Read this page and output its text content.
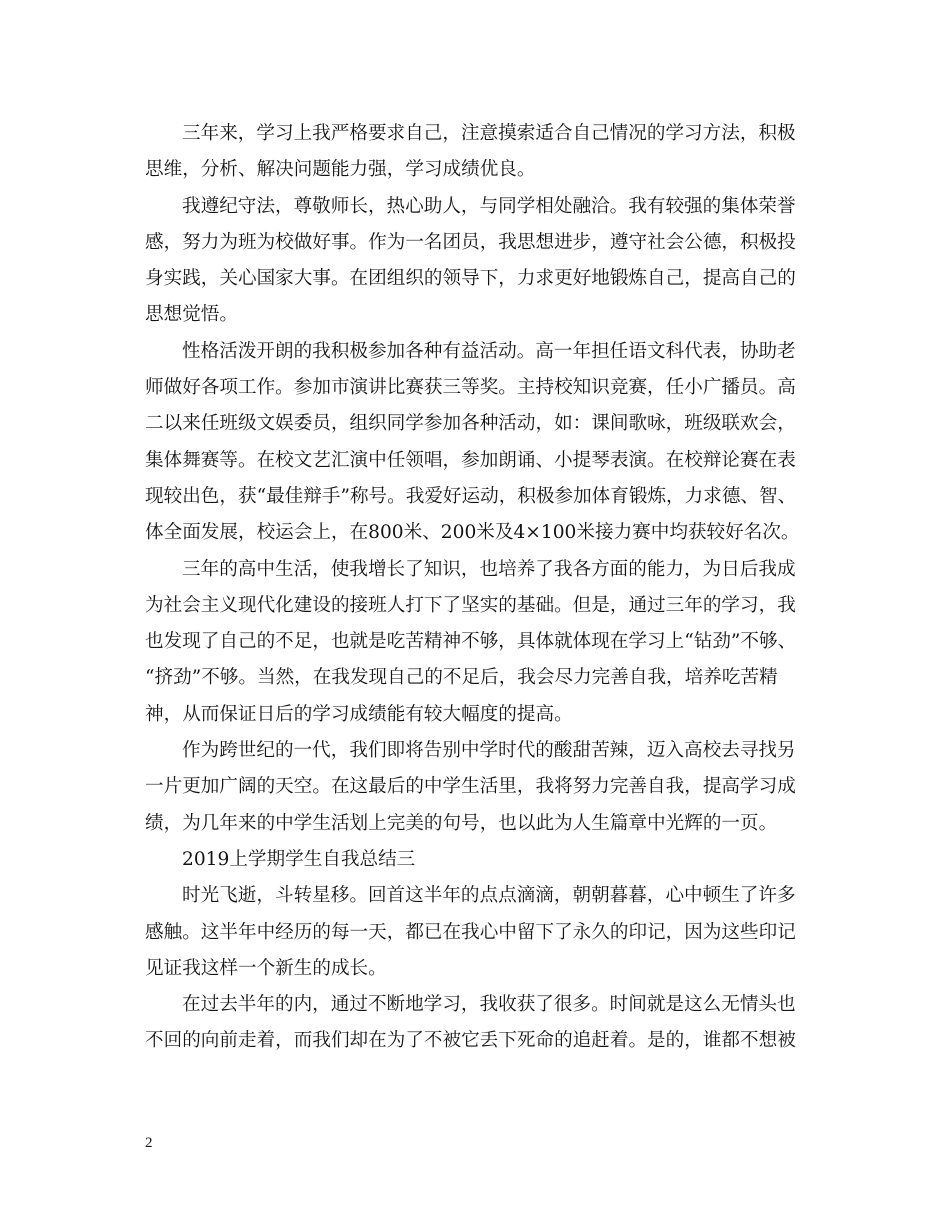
三年来，学习上我严格要求自己，注意摸索适合自己情况的学习方法，积极
思维，分析、解决问题能力强，学习成绩优良。
我遵纪守法，尊敬师长，热心助人，与同学相处融洽。我有较强的集体荣誉
感，努力为班为校做好事。作为一名团员，我思想进步，遵守社会公德，积极投
身实践，关心国家大事。在团组织的领导下，力求更好地锻炼自己，提高自己的
思想觉悟。
性格活泼开朗的我积极参加各种有益活动。高一年担任语文科代表，协助老
师做好各项工作。参加市演讲比赛获三等奖。主持校知识竞赛，任小广播员。高
二以来任班级文娱委员，组织同学参加各种活动，如：课间歌咏，班级联欢会，
集体舞赛等。在校文艺汇演中任领唱，参加朗诵、小提琴表演。在校辩论赛在表
现较出色，获“最佳辩手”称号。我爱好运动，积极参加体育锻炼，力求德、智、
体全面发展，校运会上，在800米、200米及4×100米接力赛中均获较好名次。
三年的高中生活，使我增长了知识，也培养了我各方面的能力，为日后我成
为社会主义现代化建设的接班人打下了坚实的基础。但是，通过三年的学习，我
也发现了自己的不足，也就是吃苦精神不够，具体就体现在学习上“钻劲”不够、
“挤劲”不够。当然，在我发现自己的不足后，我会尽力完善自我，培养吃苦精
神，从而保证日后的学习成绩能有较大幅度的提高。
作为跨世纪的一代，我们即将告别中学时代的酸甜苦辣，迈入高校去寻找另
一片更加广阔的天空。在这最后的中学生活里，我将努力完善自我，提高学习成
绩，为几年来的中学生活划上完美的句号，也以此为人生篇章中光辉的一页。
2019上学期学生自我总结三
时光飞逝，斗转星移。回首这半年的点点滴滴，朝朝暮暮，心中顿生了许多
感触。这半年中经历的每一天，都已在我心中留下了永久的印记，因为这些印记
见证我这样一个新生的成长。
在过去半年的内，通过不断地学习，我收获了很多。时间就是这么无情头也
不回的向前走着，而我们却在为了不被它丢下死命的追赶着。是的，谁都不想被
2
